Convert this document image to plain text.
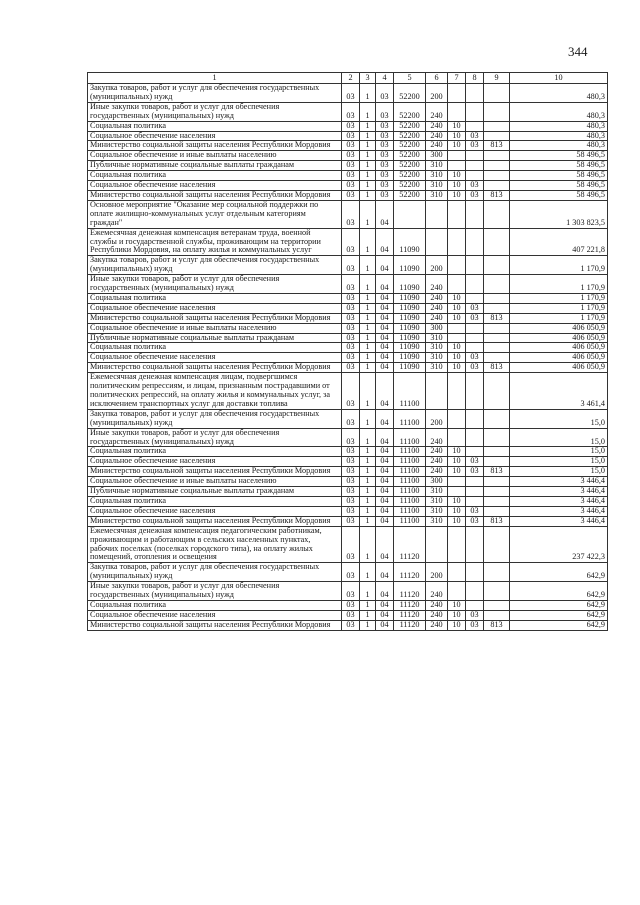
344
1	2	3	4	5	6	7	8	9	10
Закупка товаров, работ и услуг для обеспечения государственных (муниципальных) нужд	03	1	03	52200	200				480,3
Иные закупки товаров, работ и услуг для обеспечения государственных (муниципальных) нужд	03	1	03	52200	240				480,3
Социальная политика	03	1	03	52200	240	10			480,3
Социальное обеспечение населения	03	1	03	52200	240	10	03		480,3
Министерство социальной защиты населения Республики Мордовия	03	1	03	52200	240	10	03	813	480,3
Социальное обеспечение и иные выплаты населению	03	1	03	52200	300				58 496,5
Публичные нормативные социальные выплаты гражданам	03	1	03	52200	310				58 496,5
Социальная политика	03	1	03	52200	310	10			58 496,5
Социальное обеспечение населения	03	1	03	52200	310	10	03		58 496,5
Министерство социальной защиты населения Республики Мордовия	03	1	03	52200	310	10	03	813	58 496,5
Основное мероприятие "Оказание мер социальной поддержки по оплате жилищно-коммунальных услуг отдельным категориям граждан"	03	1	04						1 303 823,5
Ежемесячная денежная компенсация ветеранам труда, военной службы и государственной службы, проживающим на территории Республики Мордовия, на оплату жилья и коммунальных услуг	03	1	04	11090					407 221,8
Закупка товаров, работ и услуг для обеспечения государственных (муниципальных) нужд	03	1	04	11090	200				1 170,9
Иные закупки товаров, работ и услуг для обеспечения государственных (муниципальных) нужд	03	1	04	11090	240				1 170,9
Социальная политика	03	1	04	11090	240	10			1 170,9
Социальное обеспечение населения	03	1	04	11090	240	10	03		1 170,9
Министерство социальной защиты населения Республики Мордовия	03	1	04	11090	240	10	03	813	1 170,9
Социальное обеспечение и иные выплаты населению	03	1	04	11090	300				406 050,9
Публичные нормативные социальные выплаты гражданам	03	1	04	11090	310				406 050,9
Социальная политика	03	1	04	11090	310	10			406 050,9
Социальное обеспечение населения	03	1	04	11090	310	10	03		406 050,9
Министерство социальной защиты населения Республики Мордовия	03	1	04	11090	310	10	03	813	406 050,9
Ежемесячная денежная компенсация лицам, подвергшимся политическим репрессиям, и лицам, признанным пострадавшими от политических репрессий, на оплату жилья и коммунальных услуг, за исключением транспортных услуг для доставки топлива	03	1	04	11100					3 461,4
Закупка товаров, работ и услуг для обеспечения государственных (муниципальных) нужд	03	1	04	11100	200				15,0
Иные закупки товаров, работ и услуг для обеспечения государственных (муниципальных) нужд	03	1	04	11100	240				15,0
Социальная политика	03	1	04	11100	240	10			15,0
Социальное обеспечение населения	03	1	04	11100	240	10	03		15,0
Министерство социальной защиты населения Республики Мордовия	03	1	04	11100	240	10	03	813	15,0
Социальное обеспечение и иные выплаты населению	03	1	04	11100	300				3 446,4
Публичные нормативные социальные выплаты гражданам	03	1	04	11100	310				3 446,4
Социальная политика	03	1	04	11100	310	10			3 446,4
Социальное обеспечение населения	03	1	04	11100	310	10	03		3 446,4
Министерство социальной защиты населения Республики Мордовия	03	1	04	11100	310	10	03	813	3 446,4
Ежемесячная денежная компенсация педагогическим работникам, проживающим и работающим в сельских населенных пунктах, рабочих поселках (поселках городского типа), на оплату жилых помещений, отопления и освещения	03	1	04	11120					237 422,3
Закупка товаров, работ и услуг для обеспечения государственных (муниципальных) нужд	03	1	04	11120	200				642,9
Иные закупки товаров, работ и услуг для обеспечения государственных (муниципальных) нужд	03	1	04	11120	240				642,9
Социальная политика	03	1	04	11120	240	10			642,9
Социальное обеспечение населения	03	1	04	11120	240	10	03		642,9
Министерство социальной защиты населения Республики Мордовия	03	1	04	11120	240	10	03	813	642,9
